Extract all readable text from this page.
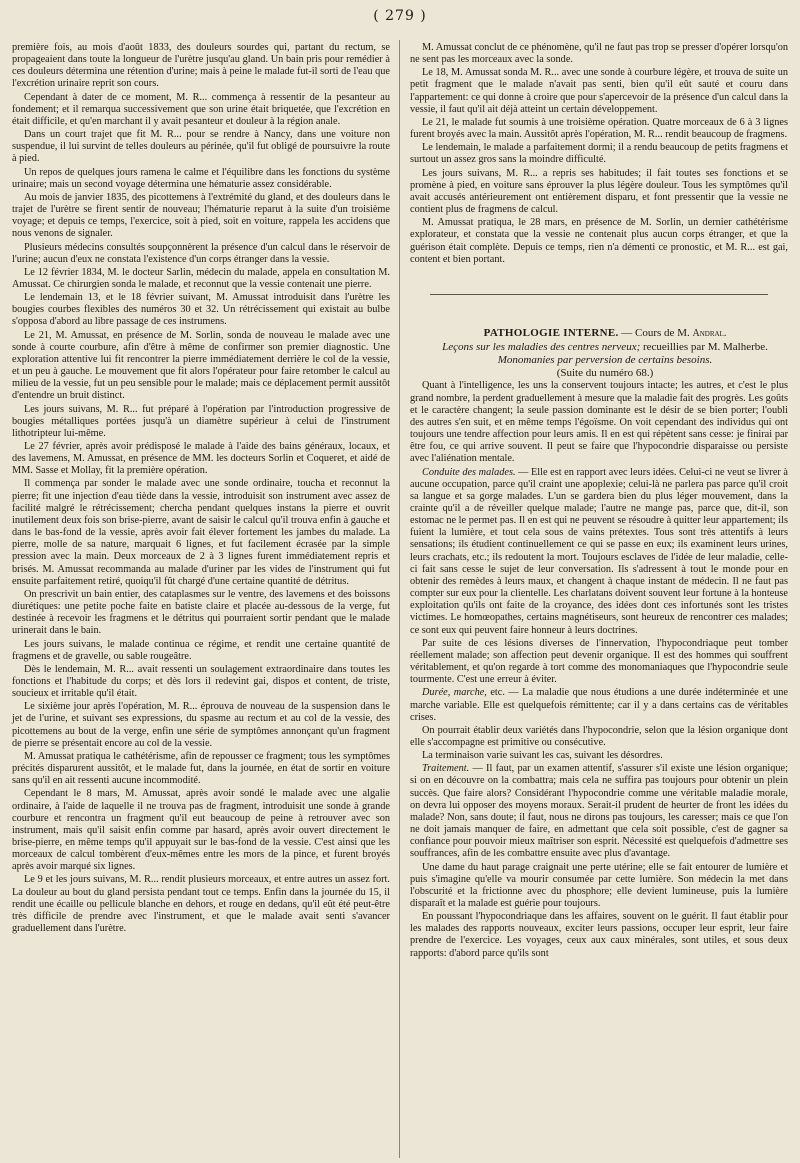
( 279 )

première fois, au mois d'août 1833, des douleurs sourdes qui, partant du rectum, se propageaient dans toute la longueur de l'urètre jusqu'au gland. Un bain pris pour remédier à ces douleurs détermina une rétention d'urine; mais à peine le malade fut-il sorti de l'eau que l'excrétion urinaire reprit son cours.

Cependant à dater de ce moment, M. R... commença à ressentir de la pesanteur au fondement; et il remarqua successivement que son urine était briquetée, que l'excrétion en était difficile, et qu'en marchant il y avait pesanteur et douleur à la région anale.

Dans un court trajet que fit M. R... pour se rendre à Nancy, dans une voiture non suspendue, il lui survint de telles douleurs au périnée, qu'il fut obligé de poursuivre la route à pied.

Un repos de quelques jours ramena le calme et l'équilibre dans les fonctions du système urinaire; mais un second voyage détermina une hématurie assez considérable.

Au mois de janvier 1835, des picottemens à l'extrémité du gland, et des douleurs dans le trajet de l'urètre se firent sentir de nouveau; l'hématurie reparut à la suite d'un troisième voyage; et depuis ce temps, l'exercice, soit à pied, soit en voiture, rappela les accidens que nous venons de signaler.

Plusieurs médecins consultés soupçonnèrent la présence d'un calcul dans le réservoir de l'urine; aucun d'eux ne constata l'existence d'un corps étranger dans la vessie.

Le 12 février 1834, M. le docteur Sarlin, médecin du malade, appela en consultation M. Amussat. Ce chirurgien sonda le malade, et reconnut que la vessie contenait une pierre.

Le lendemain 13, et le 18 février suivant, M. Amussat introduisit dans l'urètre les bougies courbes flexibles des numéros 30 et 32. Un rétrécissement qui existait au bulbe s'opposa d'abord au libre passage de ces instrumens.

Le 21, M. Amussat, en présence de M. Sorlin, sonda de nouveau le malade avec une sonde à courte courbure, afin d'être à même de confirmer son premier diagnostic. Une exploration attentive lui fit rencontrer la pierre immédiatement derrière le col de la vessie, et un peu à gauche. Le mouvement que fit alors l'opérateur pour faire retomber le calcul au milieu de la vessie, fut un peu sensible pour le malade; mais ce déplacement permit aussitôt d'entendre un bruit distinct.

Les jours suivans, M. R... fut préparé à l'opération par l'introduction progressive de bougies métalliques portées jusqu'à un diamètre supérieur à celui de l'instrument lithotripteur lui-même.

Le 27 février, après avoir prédisposé le malade à l'aide des bains généraux, locaux, et des lavemens, M. Amussat, en présence de MM. les docteurs Sorlin et Coqueret, et aidé de MM. Sasse et Mollay, fit la première opération.

Il commença par sonder le malade avec une sonde ordinaire, toucha et reconnut la pierre; fit une injection d'eau tiède dans la vessie, introduisit son instrument avec assez de facilité malgré le rétrécissement; chercha pendant quelques instans la pierre et ouvrit inutilement deux fois son brise-pierre, avant de saisir le calcul qu'il trouva enfin à gauche et dans le bas-fond de la vessie, après avoir fait élever fortement les jambes du malade. La pierre, molle de sa nature, marquait 6 lignes, et fut facilement écrasée par la simple pression avec la main. Deux morceaux de 2 à 3 lignes furent immédiatement repris et brisés. M. Amussat recommanda au malade d'uriner par les vides de l'instrument qui fut ensuite parfaitement retiré, quoiqu'il fût chargé d'une certaine quantité de détritus.

On prescrivit un bain entier, des cataplasmes sur le ventre, des lavemens et des boissons diurétiques: une petite poche faite en batiste claire et placée au-dessous de la verge, fut destinée à recevoir les fragmens et le détritus qui pourraient sortir pendant que le malade urinerait dans le bain.

Les jours suivans, le malade continua ce régime, et rendit une certaine quantité de fragmens et de gravelle, ou sable rougeâtre.

Dès le lendemain, M. R... avait ressenti un soulagement extraordinaire dans toutes les fonctions et l'habitude du corps; et dès lors il redevint gai, dispos et content, de triste, soucieux et irritable qu'il était.

Le sixième jour après l'opération, M. R... éprouva de nouveau de la suspension dans le jet de l'urine, et suivant ses expressions, du spasme au rectum et au col de la vessie, des picottemens au bout de la verge, enfin une série de symptômes annonçant qu'un fragment de pierre se présentait encore au col de la vessie.

M. Amussat pratiqua le cathétérisme, afin de repousser ce fragment; tous les symptômes précités disparurent aussitôt, et le malade fut, dans la journée, en état de sortir en voiture sans qu'il en ait ressenti aucune incommodité.

Cependant le 8 mars, M. Amussat, après avoir sondé le malade avec une algalie ordinaire, à l'aide de laquelle il ne trouva pas de fragment, introduisit une sonde à grande courbure et rencontra un fragment qu'il eut beaucoup de peine à retrouver avec son instrument, mais qu'il saisit enfin comme par hasard, après avoir ouvert directement le brise-pierre, en même temps qu'il appuyait sur le bas-fond de la vessie. C'est ainsi que les morceaux de calcul tombèrent d'eux-mêmes entre les mors de la pince, et furent broyés après avoir marqué six lignes.

Le 9 et les jours suivans, M. R... rendit plusieurs morceaux, et entre autres un assez fort. La douleur au bout du gland persista pendant tout ce temps. Enfin dans la journée du 15, il rendit une écaille ou pellicule blanche en dehors, et rouge en dedans, qu'il eût été peut-être très difficile de prendre avec l'instrument, et que le malade avait senti s'avancer graduellement dans l'urètre.

M. Amussat conclut de ce phénomène, qu'il ne faut pas trop se presser d'opérer lorsqu'on ne sent pas les morceaux avec la sonde.

Le 18, M. Amussat sonda M. R... avec une sonde à courbure légère, et trouva de suite un petit fragment que le malade n'avait pas senti, bien qu'il eût sauté et couru dans l'appartement: ce qui donne à croire que pour s'apercevoir de la présence d'un calcul dans la vessie, il faut qu'il ait déjà atteint un certain développement.

Le 21, le malade fut soumis à une troisième opération. Quatre morceaux de 6 à 3 lignes furent broyés avec la main. Aussitôt après l'opération, M. R... rendit beaucoup de fragmens.

Le lendemain, le malade a parfaitement dormi; il a rendu beaucoup de petits fragmens et surtout un assez gros sans la moindre difficulté.

Les jours suivans, M. R... a repris ses habitudes; il fait toutes ses fonctions et se promène à pied, en voiture sans éprouver la plus légère douleur. Tous les symptômes qu'il avait accusés antérieurement ont entièrement disparu, et font pressentir que la vessie ne contient plus de fragmens de calcul.

M. Amussat pratiqua, le 28 mars, en présence de M. Sorlin, un dernier cathétérisme explorateur, et constata que la vessie ne contenait plus aucun corps étranger, et que la guérison était complète. Depuis ce temps, rien n'a démenti ce pronostic, et M. R... est gai, content et bien portant.

PATHOLOGIE INTERNE. — Cours de M. Andral.

Leçons sur les maladies des centres nerveux; recueillies par M. Malherbe.

Monomanies par perversion de certains besoins.

(Suite du numéro 68.)

Quant à l'intelligence, les uns la conservent toujours intacte; les autres, et c'est le plus grand nombre, la perdent graduellement à mesure que la maladie fait des progrès. Les goûts et le caractère changent; la seule passion dominante est le désir de se bien porter; l'oubli des autres s'en suit, et en même temps l'égoïsme. On voit cependant des individus qui ont toujours une tendre affection pour leurs amis. Il en est qui répètent sans cesse: je finirai par être fou, ce qui arrive souvent. Il peut se faire que l'hypocondrie disparaisse ou persiste avec l'aliénation mentale.

Conduite des malades. — Elle est en rapport avec leurs idées. Celui-ci ne veut se livrer à aucune occupation, parce qu'il craint une apoplexie; celui-là ne parlera pas parce qu'il croit sa langue et sa gorge malades. L'un se gardera bien du plus léger mouvement, dans la crainte qu'il a de réveiller quelque malade; l'autre ne mange pas, parce que, dit-il, son estomac ne le permet pas. Il en est qui ne peuvent se résoudre à quitter leur appartement; ils fuient la lumière, et tout cela sous de vains prétextes. Tous sont très attentifs à leurs sensations; ils étudient continuellement ce qui se passe en eux; ils examinent leurs urines, leurs crachats, etc.; ils redoutent la mort. Toujours esclaves de l'idée de leur maladie, celle-ci fait sans cesse le sujet de leur conversation. Ils s'adressent à tout le monde pour en obtenir des remèdes à leurs maux, et changent à chaque instant de médecin. Il ne faut pas compter sur eux pour la clientelle. Les charlatans doivent souvent leur fortune à la honteuse exploitation qu'ils ont faite de la croyance, des idées dont ces infortunés sont les tristes victimes. Le homœopathes, certains magnétiseurs, sont heureux de rencontrer ces malades; ce sont eux qui peuvent faire honneur à leurs doctrines.

Par suite de ces lésions diverses de l'innervation, l'hypocondriaque peut tomber réellement malade; son affection peut devenir organique. Il est des hommes qui souffrent véritablement, et qu'on regarde à tort comme des monomaniaques que l'hypocondrie seule tourmente. C'est une erreur à éviter.

Durée, marche, etc. — La maladie que nous étudions a une durée indéterminée et une marche variable. Elle est quelquefois rémittente; car il y a dans certains cas de véritables crises.

On pourrait établir deux variétés dans l'hypocondrie, selon que la lésion organique dont elle s'accompagne est primitive ou consécutive.

La terminaison varie suivant les cas, suivant les désordres.

Traitement. — Il faut, par un examen attentif, s'assurer s'il existe une lésion organique; si on en découvre on la combattra; mais cela ne suffira pas toujours pour obtenir un plein succès. Que faire alors? Considérant l'hypocondrie comme une véritable maladie morale, on devra lui opposer des moyens moraux. Serait-il prudent de heurter de front les idées du malade? Non, sans doute; il faut, nous ne dirons pas toujours, les caresser; mais ce que l'on ne doit jamais manquer de faire, en admettant que cela soit possible, c'est de gagner sa confiance pour pouvoir mieux maîtriser son esprit. Nécessité est quelquefois d'admettre ses souffrances, afin de les combattre ensuite avec plus d'avantage.

Une dame du haut parage craignait une perte utérine; elle se fait entourer de lumière et puis s'imagine qu'elle va mourir consumée par cette lumière. Son médecin la met dans l'obscurité et la frictionne avec du phosphore; elle devient lumineuse, puis la lumière disparaît et la malade est guérie pour toujours.

En poussant l'hypocondriaque dans les affaires, souvent on le guérit. Il faut établir pour les malades des rapports nouveaux, exciter leurs passions, occuper leur esprit, leur faire prendre de l'exercice. Les voyages, ceux aux caux minérales, sont utiles, et sous deux rapports: d'abord parce qu'ils sont
